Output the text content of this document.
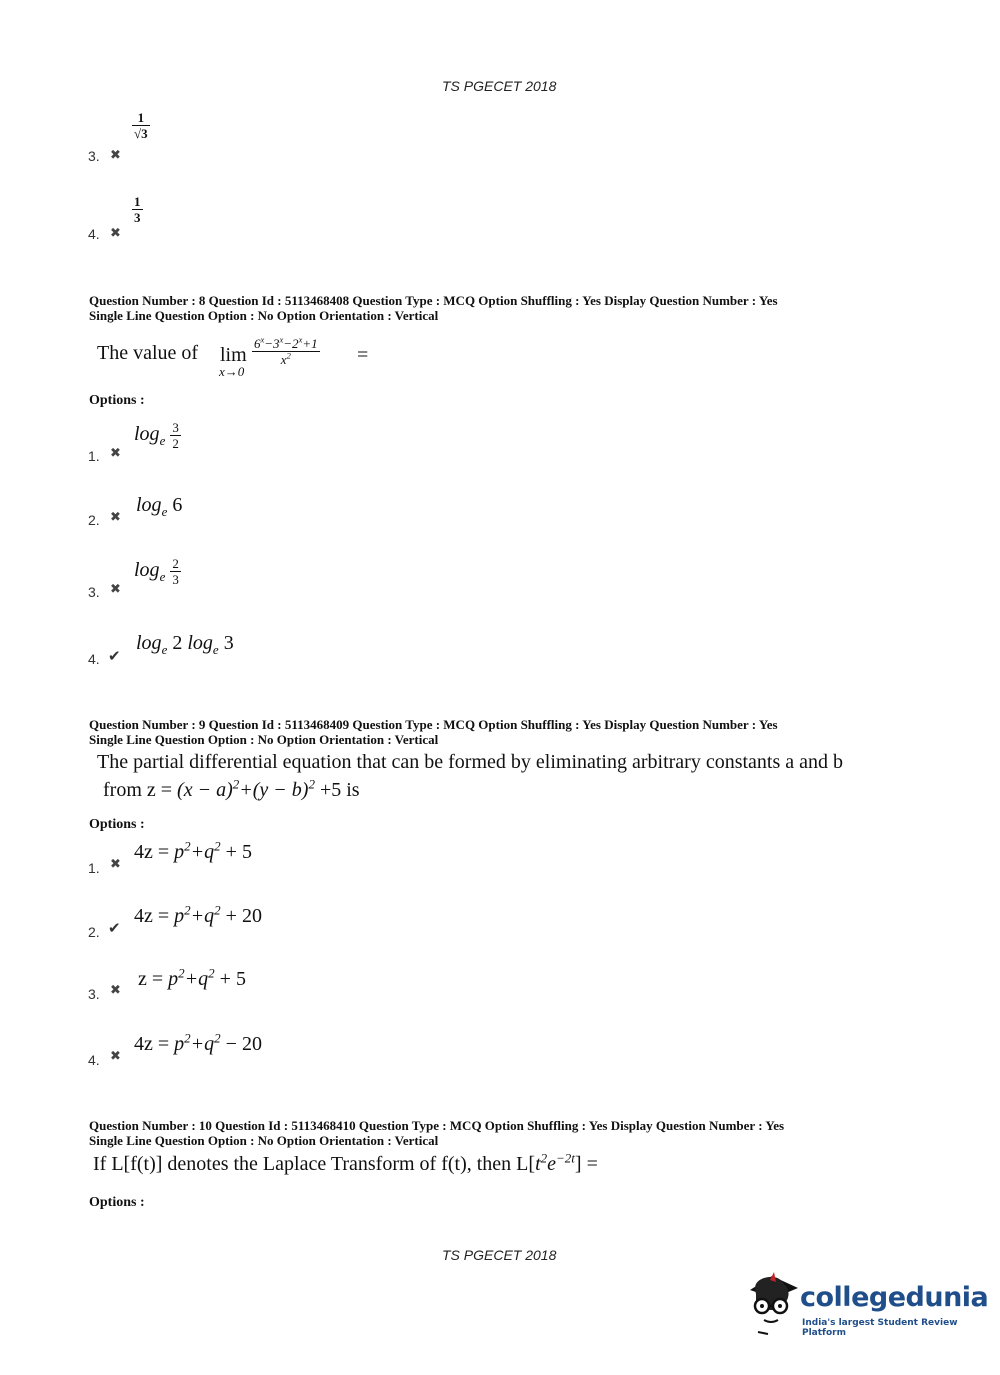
TS PGECET 2018
3. ✖
$\frac{1}{√3}$
4. ✖
$\frac{1}{3}$
Question Number : 8 Question Id : 5113468408 Question Type : MCQ Option Shuffling : Yes Display Question Number : Yes
Single Line Question Option : No Option Orientation : Vertical
The value of lim
x→0
$\frac{6^x-3^x-2^x+1}{x^2}$ =
Options :
1. ✖
$\log_e \frac{3}{2}$
2. ✖
$\log_e 6$
3. ✖
$\log_e \frac{2}{3}$
4. ✔
$\log_e 2$ $\log_e 3$
Question Number : 9 Question Id : 5113468409 Question Type : MCQ Option Shuffling : Yes Display Question Number : Yes
Single Line Question Option : No Option Orientation : Vertical
The partial differential equation that can be formed by eliminating arbitrary constants a and b
from $z = (x - a)^2+(y - b)^2 +5$ is
Options :
1. ✖
$4z = p^2+q^2 + 5$
2. ✔
$4z = p^2+q^2 + 20$
3. ✖ $z = p^2+q^2 + 5$
4. ✖
$4z = p^2+q^2 - 20$
Question Number : 10 Question Id : 5113468410 Question Type : MCQ Option Shuffling : Yes Display Question Number : Yes
Single Line Question Option : No Option Orientation : Vertical
If L[f(t)] denotes the Laplace Transform of f(t), then $L[t^2e^{-2t}]$ =
Options :
TS PGECET 2018
collegedunia
India's largest Student Review Platform
